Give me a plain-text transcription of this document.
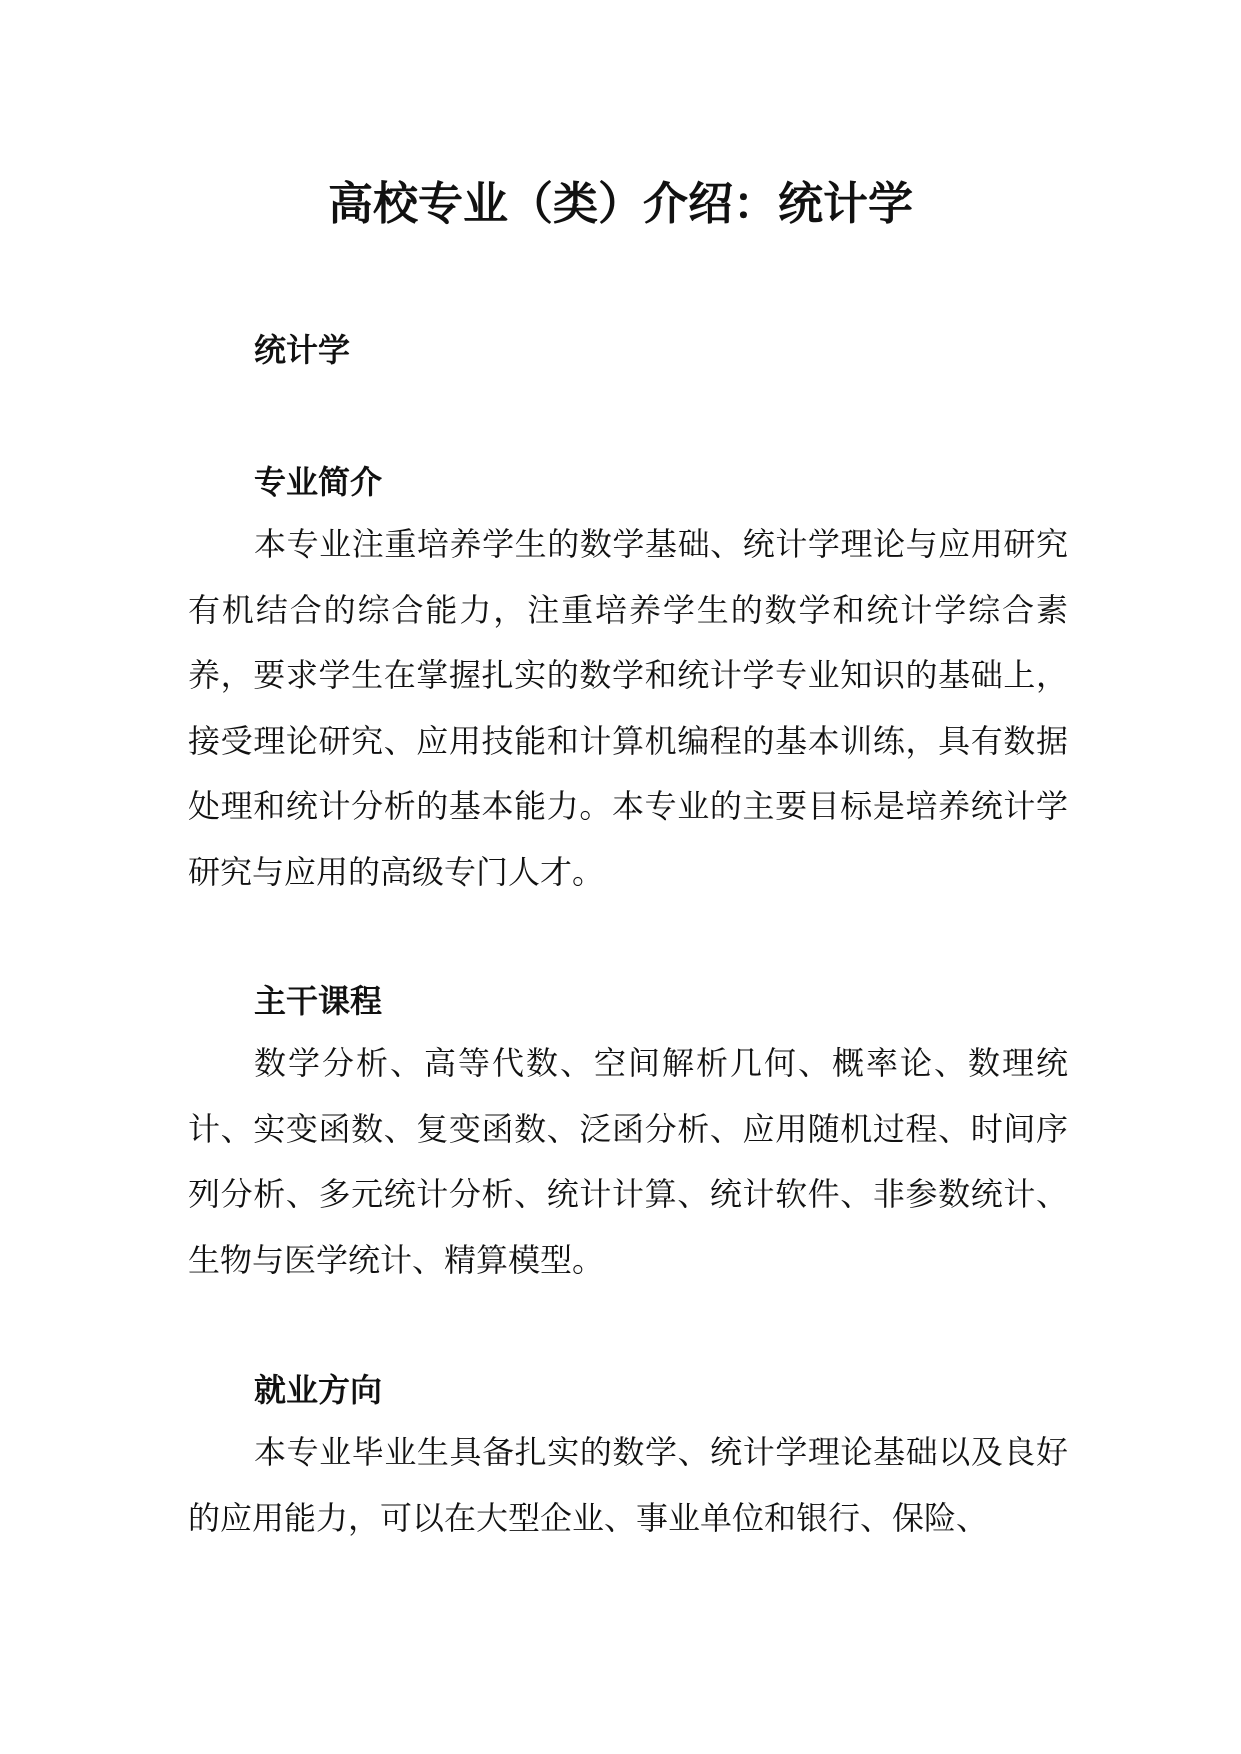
高校专业（类）介绍：统计学
统计学
专业简介

本专业注重培养学生的数学基础、统计学理论与应用研究有机结合的综合能力，注重培养学生的数学和统计学综合素养，要求学生在掌握扎实的数学和统计学专业知识的基础上，接受理论研究、应用技能和计算机编程的基本训练，具有数据处理和统计分析的基本能力。本专业的主要目标是培养统计学研究与应用的高级专门人才。

主干课程

数学分析、高等代数、空间解析几何、概率论、数理统计、实变函数、复变函数、泛函分析、应用随机过程、时间序列分析、多元统计分析、统计计算、统计软件、非参数统计、生物与医学统计、精算模型。

就业方向

本专业毕业生具备扎实的数学、统计学理论基础以及良好的应用能力，可以在大型企业、事业单位和银行、保险、
